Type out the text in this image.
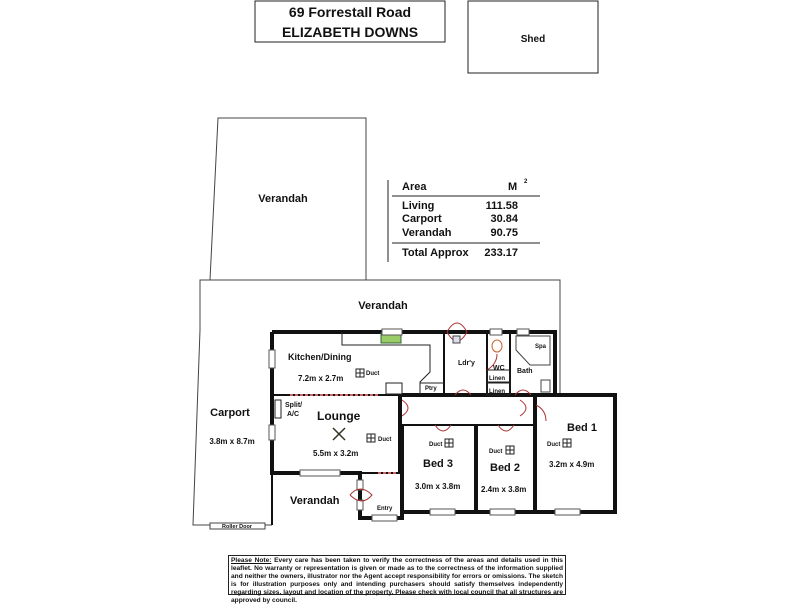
69 Forrestall Road
ELIZABETH DOWNS	Shed
Area	M 2
Living	111.58
Carport	30.84
Verandah	90.75
Total Approx 233.17
Verandah
Verandah
Carport
3.8m x 8.7m
Kitchen/Dining
7.2m x 2.7m	Duct
Ptry
Ldr'y
WC
Linen
Linen
Bath
Spa
Split/
A/C Lounge
5.5m x 3.2m
Duct
Duct
Bed 3
3.0m x 3.8m
Duct
Bed 2
2.4m x 3.8m
Duct
Bed 1
3.2m x 4.9m
Verandah
Entry
Roller Door
Please Note: Every care has been taken to verify the correctness of the areas and details used in this leaflet. No warranty or representation is given or made as to the correctness of the information supplied and neither the owners, illustrator nor the Agent accept responsibility for errors or omissions. The sketch is for illustration purposes only and intending purchasers should satisfy themselves independently regarding sizes, layout and location of the property. Please check with local council that all structures are approved by council.
